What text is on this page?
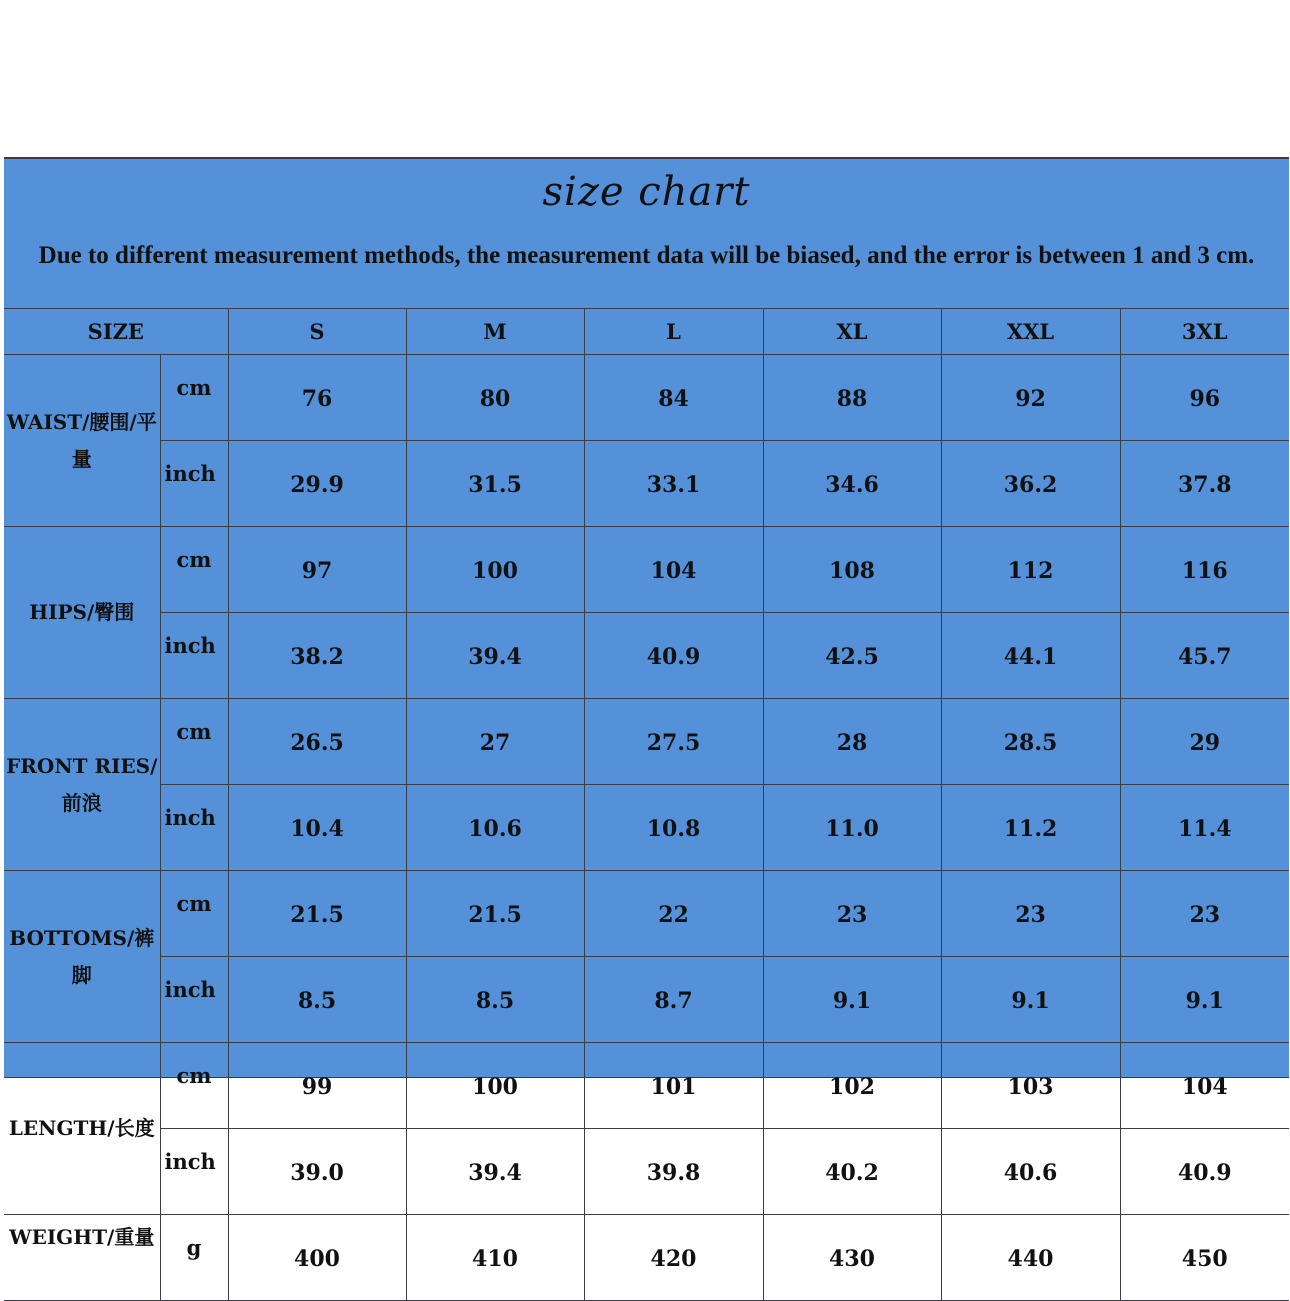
size chart
Due to different measurement methods, the measurement data will be biased, and the error is between 1 and 3 cm.
SIZE		S	M	L	XL	XXL	3XL
WAIST/腰围/平量	cm	76	80	84	88	92	96
	inch	29.9	31.5	33.1	34.6	36.2	37.8
HIPS/臀围	cm	97	100	104	108	112	116
	inch	38.2	39.4	40.9	42.5	44.1	45.7
FRONT RIES/前浪	cm	26.5	27	27.5	28	28.5	29
	inch	10.4	10.6	10.8	11.0	11.2	11.4
BOTTOMS/裤脚	cm	21.5	21.5	22	23	23	23
	inch	8.5	8.5	8.7	9.1	9.1	9.1
LENGTH/长度	cm	99	100	101	102	103	104
	inch	39.0	39.4	39.8	40.2	40.6	40.9
WEIGHT/重量	g	400	410	420	430	440	450
